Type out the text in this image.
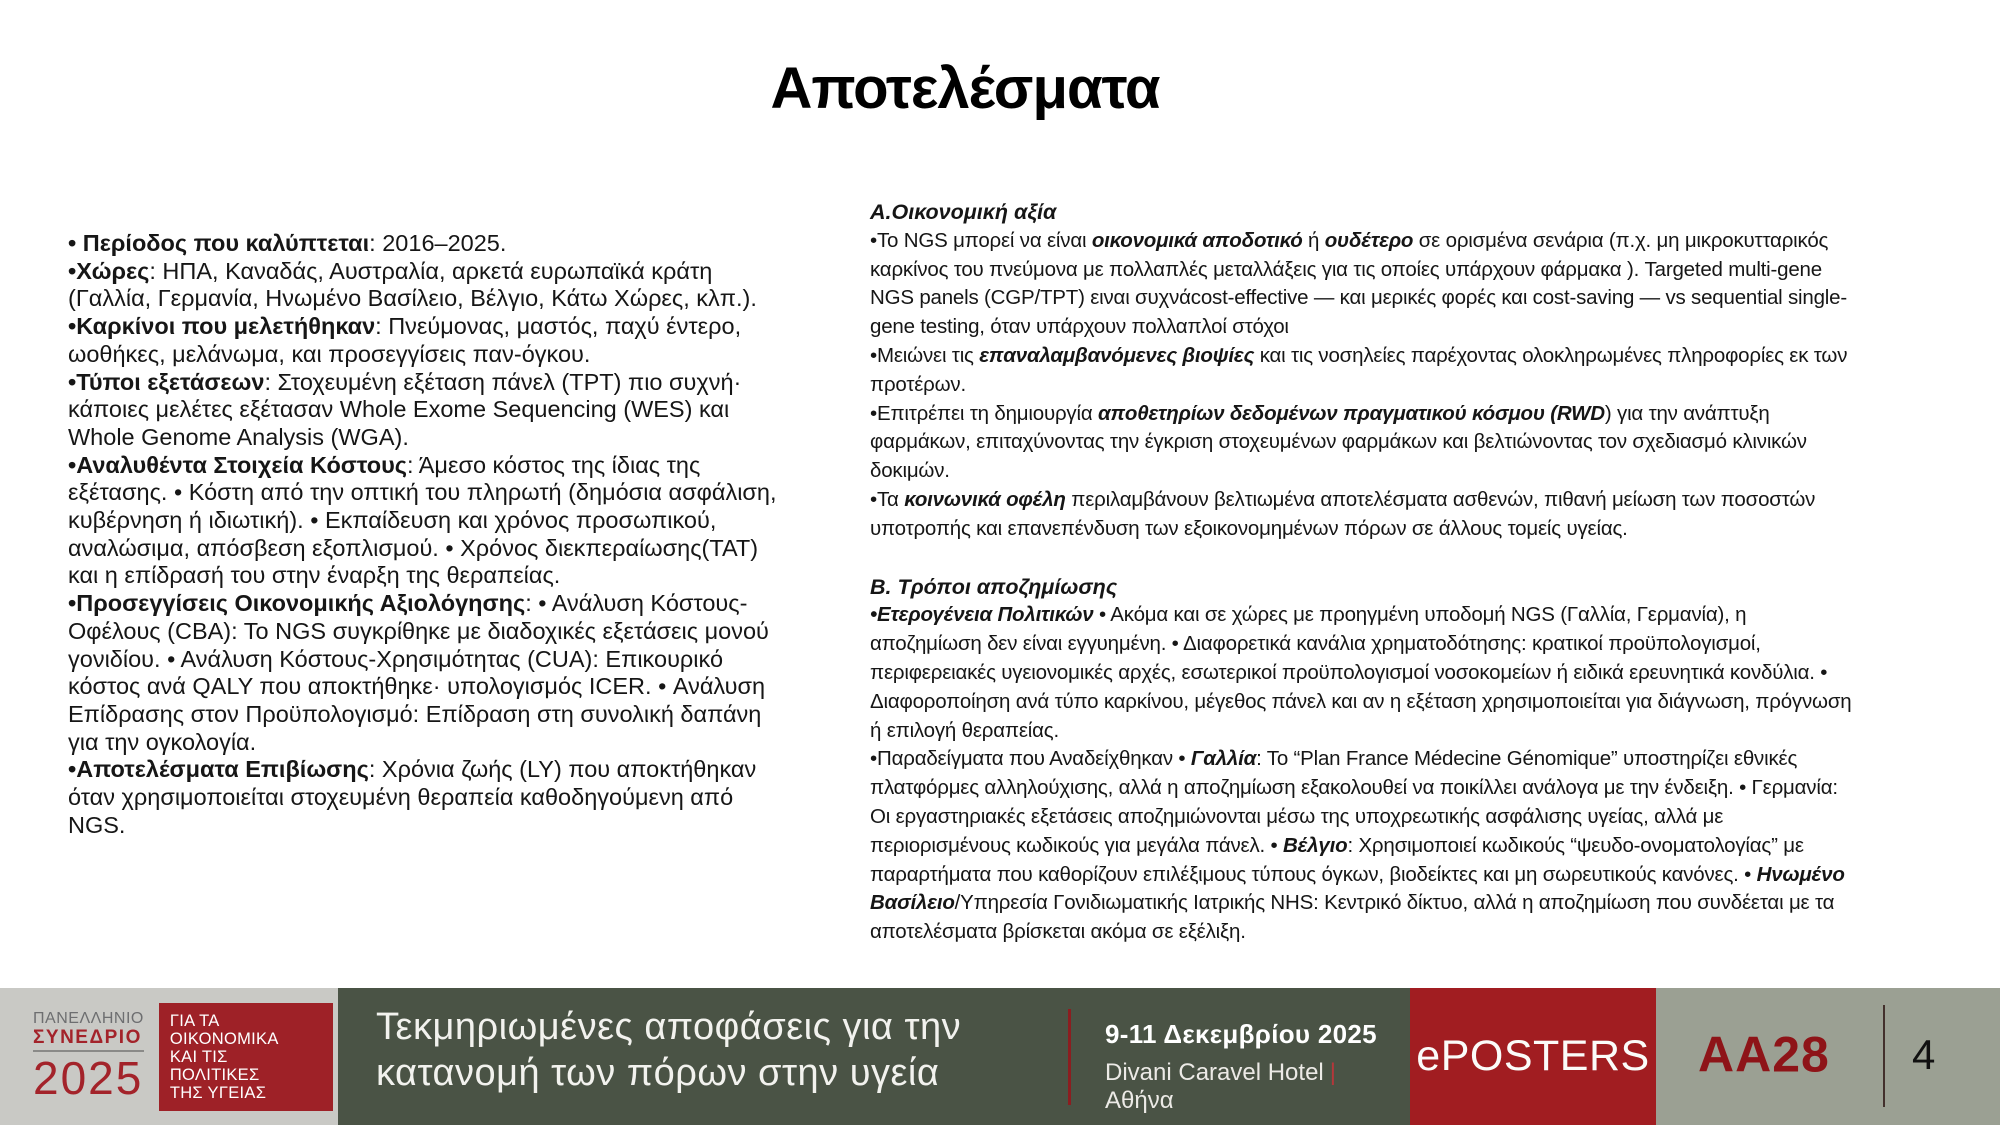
Αποτελέσματα

• Περίοδος που καλύπτεται: 2016–2025.

•Χώρες: ΗΠΑ, Καναδάς, Αυστραλία, αρκετά ευρωπαϊκά κράτη (Γαλλία, Γερμανία, Ηνωμένο Βασίλειο, Βέλγιο, Κάτω Χώρες, κλπ.).

•Καρκίνοι που μελετήθηκαν: Πνεύμονας, μαστός, παχύ έντερο, ωοθήκες, μελάνωμα, και προσεγγίσεις παν-όγκου.

•Τύποι εξετάσεων: Στοχευμένη εξέταση πάνελ (TPT) πιο συχνή· κάποιες μελέτες εξέτασαν Whole Exome Sequencing (WES) και Whole Genome Analysis (WGA).

•Αναλυθέντα Στοιχεία Κόστους: Άμεσο κόστος της ίδιας της εξέτασης. • Κόστη από την οπτική του πληρωτή (δημόσια ασφάλιση, κυβέρνηση ή ιδιωτική). • Εκπαίδευση και χρόνος προσωπικού, αναλώσιμα, απόσβεση εξοπλισμού. • Χρόνος διεκπεραίωσης(TAT) και η επίδρασή του στην έναρξη της θεραπείας.

•Προσεγγίσεις Οικονομικής Αξιολόγησης: • Ανάλυση Κόστους-Οφέλους (CBA): Το NGS συγκρίθηκε με διαδοχικές εξετάσεις μονού γονιδίου. • Ανάλυση Κόστους-Χρησιμότητας (CUA): Επικουρικό κόστος ανά QALY που αποκτήθηκε· υπολογισμός ICER. • Ανάλυση Επίδρασης στον Προϋπολογισμό: Επίδραση στη συνολική δαπάνη για την ογκολογία.

•Αποτελέσματα Επιβίωσης: Χρόνια ζωής (LY) που αποκτήθηκαν όταν χρησιμοποιείται στοχευμένη θεραπεία καθοδηγούμενη από NGS.

Α.Οικονομική αξία

•Το NGS μπορεί να είναι οικονομικά αποδοτικό ή ουδέτερο σε ορισμένα σενάρια (π.χ. μη μικροκυτταρικός καρκίνος του πνεύμονα με πολλαπλές μεταλλάξεις για τις οποίες υπάρχουν φάρμακα ). Targeted multi-gene NGS panels (CGP/TPT) ειναι συχνάcost-effective — και μερικές φορές και cost-saving — vs sequential single-gene testing, όταν υπάρχουν πολλαπλοί στόχοι

•Μειώνει τις επαναλαμβανόμενες βιοψίες και τις νοσηλείες παρέχοντας ολοκληρωμένες πληροφορίες εκ των προτέρων.

•Επιτρέπει τη δημιουργία αποθετηρίων δεδομένων πραγματικού κόσμου (RWD) για την ανάπτυξη φαρμάκων, επιταχύνοντας την έγκριση στοχευμένων φαρμάκων και βελτιώνοντας τον σχεδιασμό κλινικών δοκιμών.

•Τα κοινωνικά οφέλη περιλαμβάνουν βελτιωμένα αποτελέσματα ασθενών, πιθανή μείωση των ποσοστών υποτροπής και επανεπένδυση των εξοικονομημένων πόρων σε άλλους τομείς υγείας.

Β. Τρόποι αποζημίωσης

•Ετερογένεια Πολιτικών • Ακόμα και σε χώρες με προηγμένη υποδομή NGS (Γαλλία, Γερμανία), η αποζημίωση δεν είναι εγγυημένη. • Διαφορετικά κανάλια χρηματοδότησης: κρατικοί προϋπολογισμοί, περιφερειακές υγειονομικές αρχές, εσωτερικοί προϋπολογισμοί νοσοκομείων ή ειδικά ερευνητικά κονδύλια. • Διαφοροποίηση ανά τύπο καρκίνου, μέγεθος πάνελ και αν η εξέταση χρησιμοποιείται για διάγνωση, πρόγνωση ή επιλογή θεραπείας.

•Παραδείγματα που Αναδείχθηκαν • Γαλλία: Το “Plan France Médecine Génomique” υποστηρίζει εθνικές πλατφόρμες αλληλούχισης, αλλά η αποζημίωση εξακολουθεί να ποικίλλει ανάλογα με την ένδειξη. • Γερμανία: Οι εργαστηριακές εξετάσεις αποζημιώνονται μέσω της υποχρεωτικής ασφάλισης υγείας, αλλά με περιορισμένους κωδικούς για μεγάλα πάνελ. • Βέλγιο: Χρησιμοποιεί κωδικούς “ψευδο-ονοματολογίας” με παραρτήματα που καθορίζουν επιλέξιμους τύπους όγκων, βιοδείκτες και μη σωρευτικούς κανόνες. • Ηνωμένο Βασίλειο/Υπηρεσία Γονιδιωματικής Ιατρικής NHS: Κεντρικό δίκτυο, αλλά η αποζημίωση που συνδέεται με τα αποτελέσματα βρίσκεται ακόμα σε εξέλιξη.

ΠΑΝΕΛΛΗΝΙΟ
ΣΥΝΕΔΡΙΟ
2025
ΓΙΑ ΤΑ ΟΙΚΟΝΟΜΙΚΑ
ΚΑΙ ΤΙΣ ΠΟΛΙΤΙΚΕΣ
ΤΗΣ ΥΓΕΙΑΣ
Τεκμηριωμένες αποφάσεις για την
κατανομή των πόρων στην υγεία
9-11 Δεκεμβρίου 2025
Divani Caravel Hotel |Αθήνα
ePOSTERS AA28 4
